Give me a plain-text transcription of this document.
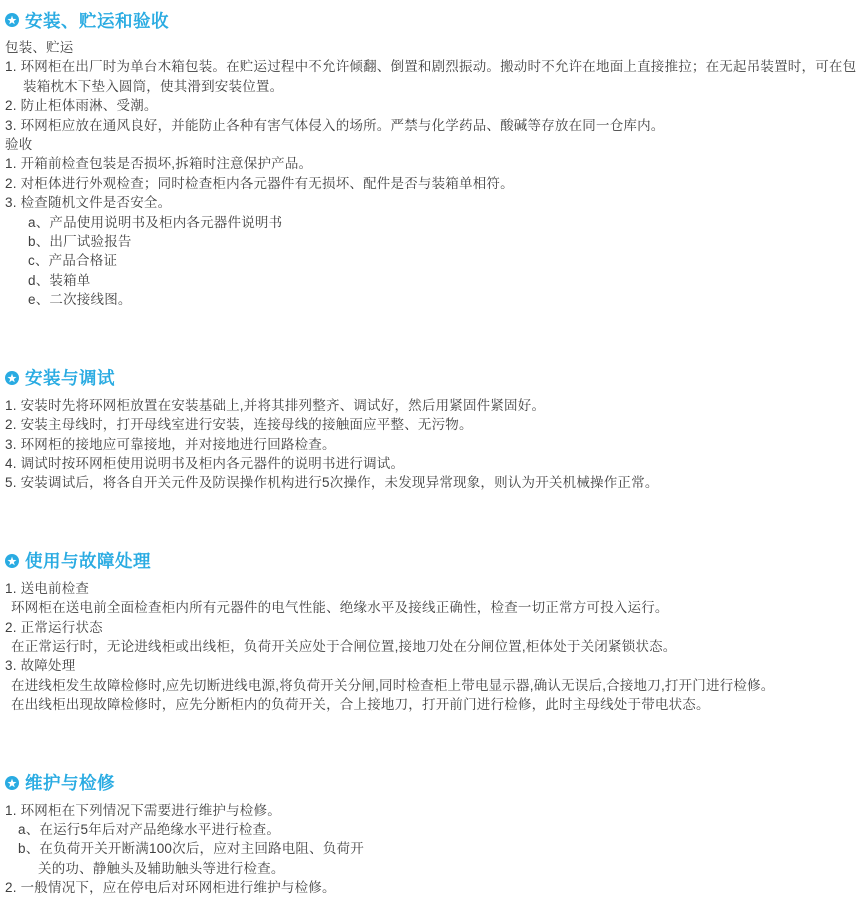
安装、贮运和验收
包装、贮运
1. 环网柜在出厂时为单台木箱包装。在贮运过程中不允许倾翻、倒置和剧烈振动。搬动时不允许在地面上直接推拉；在无起吊装置时，可在包
装箱枕木下垫入圆筒，使其滑到安装位置。
2. 防止柜体雨淋、受潮。
3. 环网柜应放在通风良好，并能防止各种有害气体侵入的场所。严禁与化学药品、酸碱等存放在同一仓库内。
验收
1. 开箱前检查包装是否损坏,拆箱时注意保护产品。
2. 对柜体进行外观检查；同时检查柜内各元器件有无损坏、配件是否与装箱单相符。
3. 检查随机文件是否安全。
a、产品使用说明书及柜内各元器件说明书
b、出厂试验报告
c、产品合格证
d、装箱单
e、二次接线图。
安装与调试
1. 安装时先将环网柜放置在安装基础上,并将其排列整齐、调试好，然后用紧固件紧固好。
2. 安装主母线时，打开母线室进行安装，连接母线的接触面应平整、无污物。
3. 环网柜的接地应可靠接地，并对接地进行回路检查。
4. 调试时按环网柜使用说明书及柜内各元器件的说明书进行调试。
5. 安装调试后，将各自开关元件及防误操作机构进行5次操作，未发现异常现象，则认为开关机械操作正常。
使用与故障处理
1. 送电前检查
环网柜在送电前全面检查柜内所有元器件的电气性能、绝缘水平及接线正确性，检查一切正常方可投入运行。
2. 正常运行状态
在正常运行时，无论进线柜或出线柜，负荷开关应处于合闸位置,接地刀处在分闸位置,柜体处于关闭紧锁状态。
3. 故障处理
在进线柜发生故障检修时,应先切断进线电源,将负荷开关分闸,同时检查柜上带电显示器,确认无误后,合接地刀,打开门进行检修。
在出线柜出现故障检修时，应先分断柜内的负荷开关，合上接地刀，打开前门进行检修，此时主母线处于带电状态。
维护与检修
1. 环网柜在下列情况下需要进行维护与检修。
a、在运行5年后对产品绝缘水平进行检查。
b、在负荷开关开断满100次后，应对主回路电阻、负荷开
关的功、静触头及辅助触头等进行检查。
2. 一般情况下，应在停电后对环网柜进行维护与检修。
